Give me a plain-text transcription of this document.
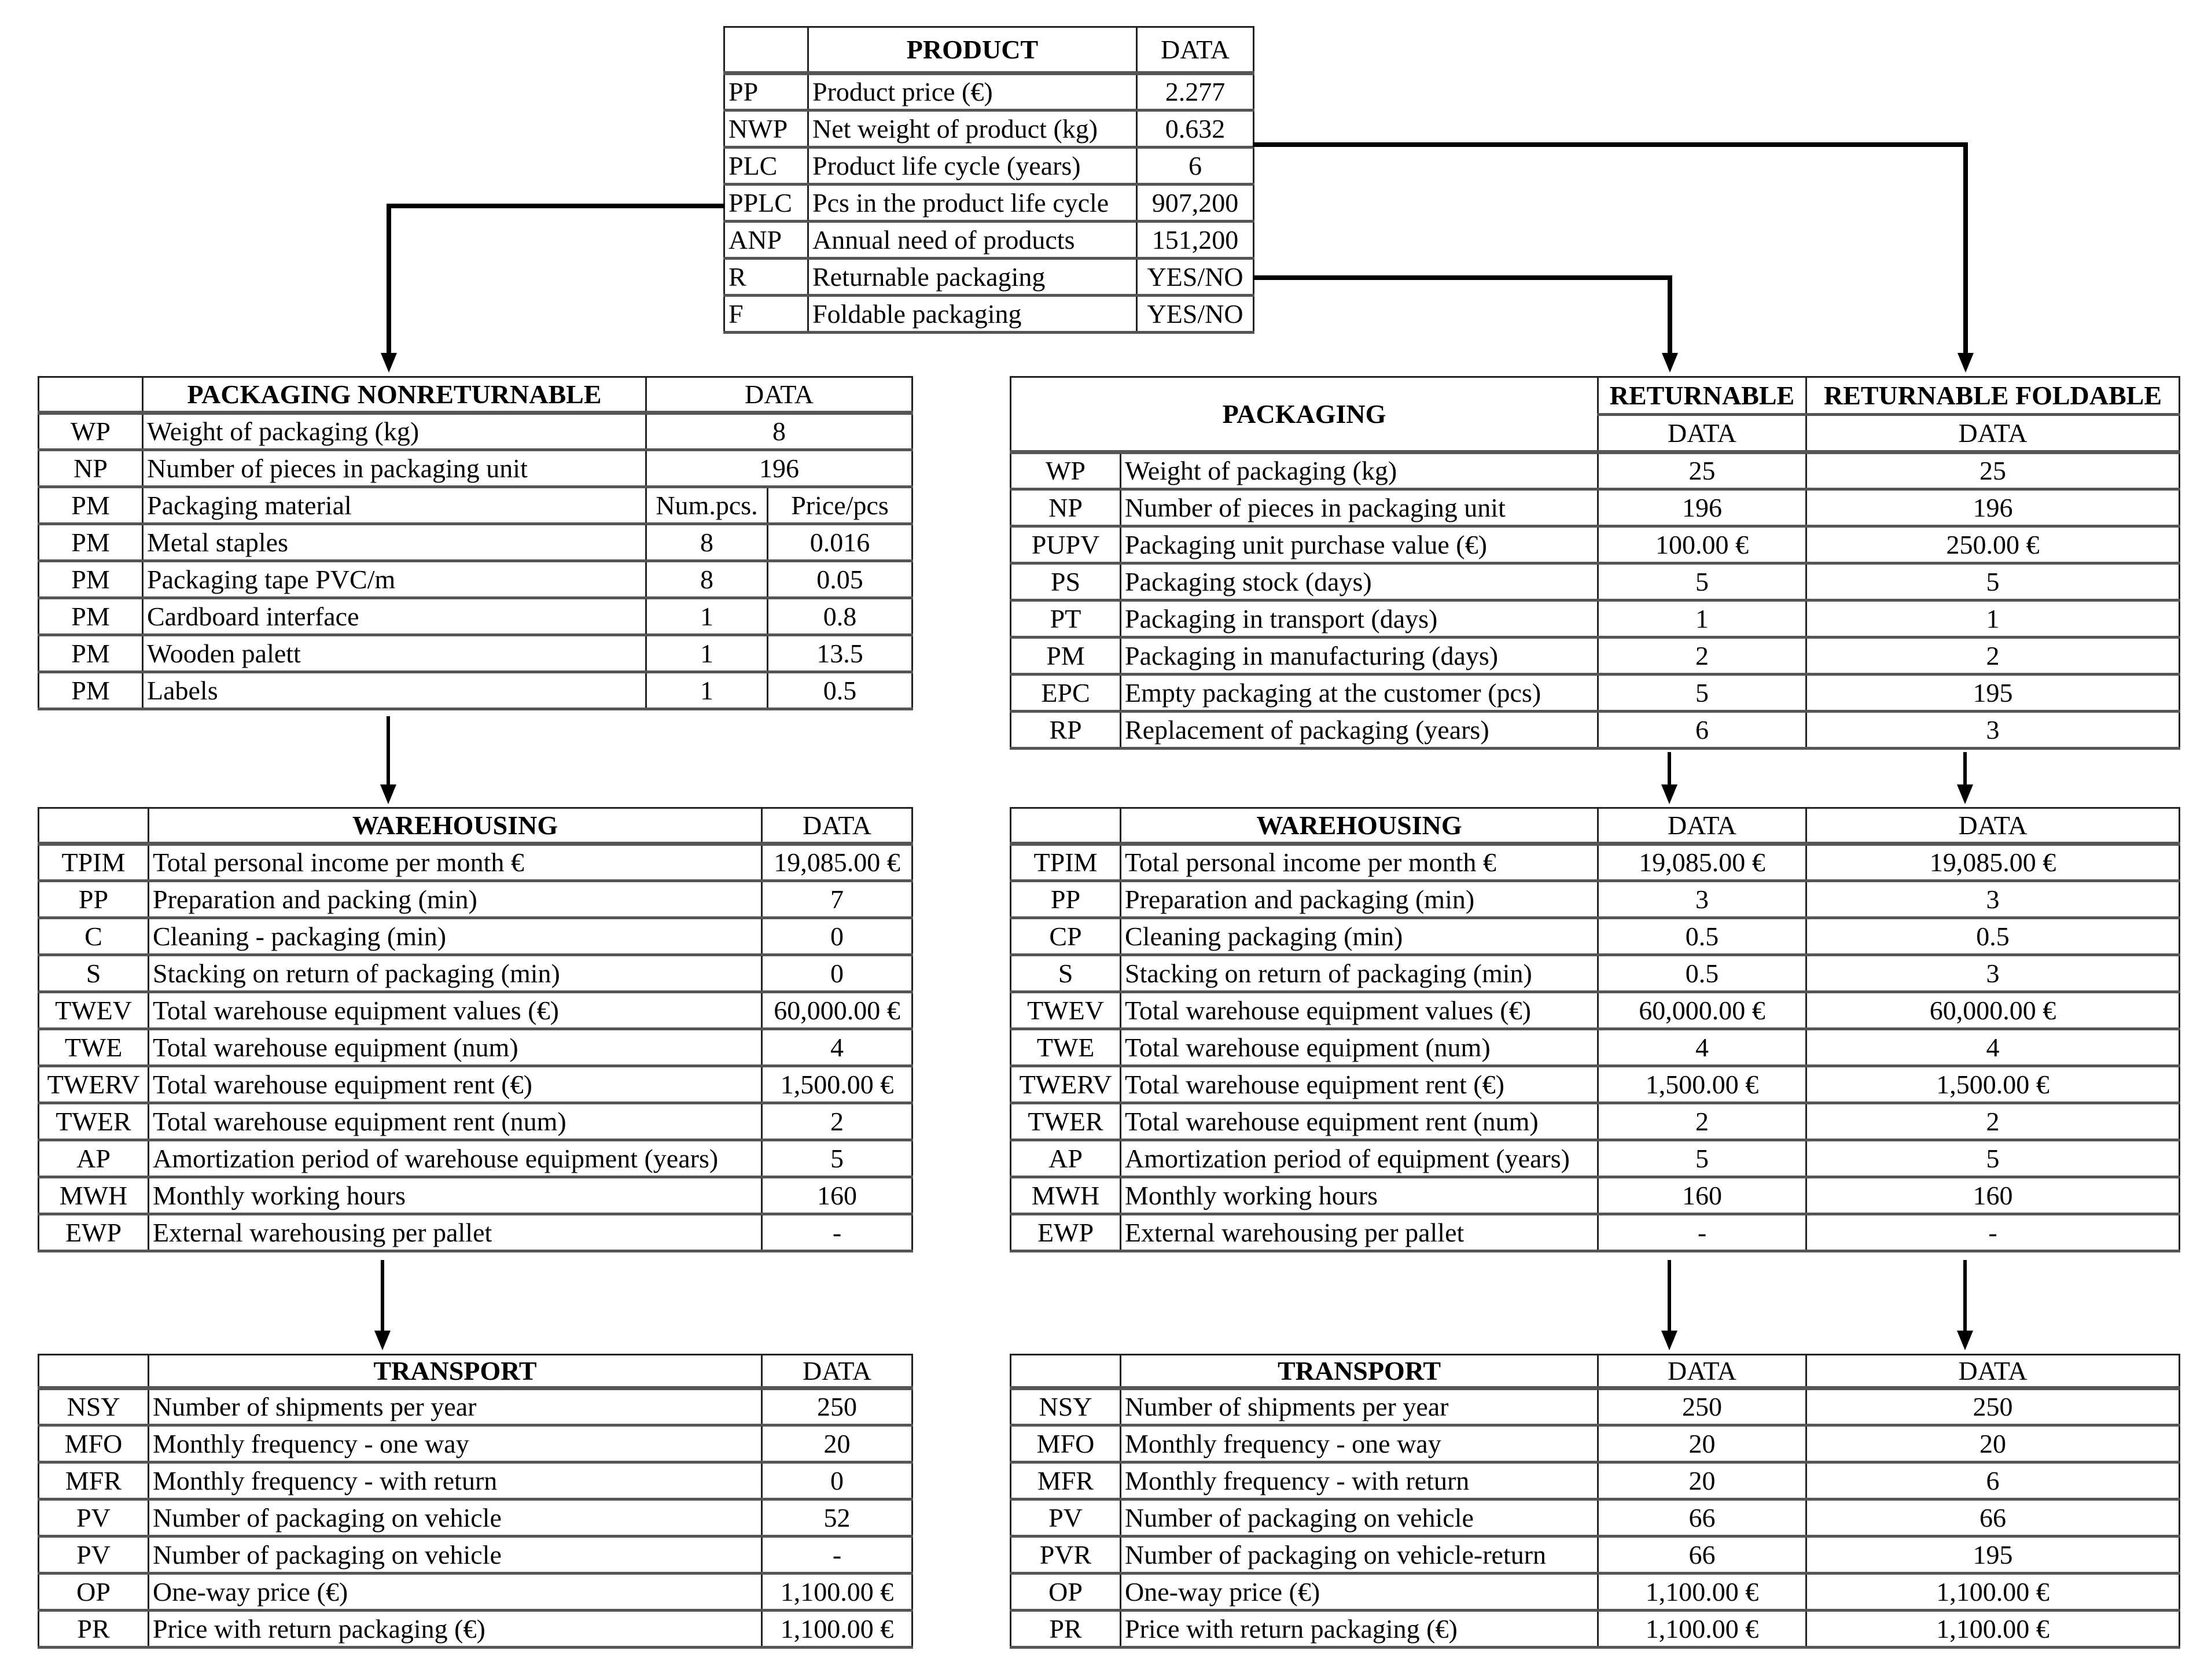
	PRODUCT	DATA
PP	Product price (€)	2.277
NWP	Net weight of product (kg)	0.632
PLC	Product life cycle (years)	6
PPLC	Pcs in the product life cycle	907,200
ANP	Annual need of products	151,200
R	Returnable packaging	YES/NO
F	Foldable packaging	YES/NO
	PACKAGING NONRETURNABLE	DATA	
WP	Weight of packaging (kg)	8	
NP	Number of pieces in packaging unit	196	
PM	Packaging material	Num.pcs.	Price/pcs
PM	Metal staples	8	0.016
PM	Packaging tape PVC/m	8	0.05
PM	Cardboard interface	1	0.8
PM	Wooden palett	1	13.5
PM	Labels	1	0.5
PACKAGING		RETURNABLE	RETURNABLE FOLDABLE
		DATA	DATA
WP	Weight of packaging (kg)	25	25
NP	Number of pieces in packaging unit	196	196
PUPV	Packaging unit purchase value (€)	100.00 €	250.00 €
PS	Packaging stock (days)	5	5
PT	Packaging in transport (days)	1	1
PM	Packaging in manufacturing (days)	2	2
EPC	Empty packaging at the customer (pcs)	5	195
RP	Replacement of packaging (years)	6	3
	WAREHOUSING	DATA
TPIM	Total personal income per month €	19,085.00 €
PP	Preparation and packing (min)	7
C	Cleaning - packaging (min)	0
S	Stacking on return of packaging (min)	0
TWEV	Total warehouse equipment values (€)	60,000.00 €
TWE	Total warehouse equipment (num)	4
TWERV	Total warehouse equipment rent (€)	1,500.00 €
TWER	Total warehouse equipment rent (num)	2
AP	Amortization period of warehouse equipment (years)	5
MWH	Monthly working hours	160
EWP	External warehousing per pallet	-
	WAREHOUSING	DATA	DATA
TPIM	Total personal income per month €	19,085.00 €	19,085.00 €
PP	Preparation and packaging (min)	3	3
CP	Cleaning packaging (min)	0.5	0.5
S	Stacking on return of packaging (min)	0.5	3
TWEV	Total warehouse equipment values (€)	60,000.00 €	60,000.00 €
TWE	Total warehouse equipment (num)	4	4
TWERV	Total warehouse equipment rent (€)	1,500.00 €	1,500.00 €
TWER	Total warehouse equipment rent (num)	2	2
AP	Amortization period of equipment (years)	5	5
MWH	Monthly working hours	160	160
EWP	External warehousing per pallet	-	-
	TRANSPORT	DATA
NSY	Number of shipments per year	250
MFO	Monthly frequency - one way	20
MFR	Monthly frequency - with return	0
PV	Number of packaging on vehicle	52
PV	Number of packaging on vehicle	-
OP	One-way price (€)	1,100.00 €
PR	Price with return packaging (€)	1,100.00 €
	TRANSPORT	DATA	DATA
NSY	Number of shipments per year	250	250
MFO	Monthly frequency - one way	20	20
MFR	Monthly frequency - with return	20	6
PV	Number of packaging on vehicle	66	66
PVR	Number of packaging on vehicle-return	66	195
OP	One-way price (€)	1,100.00 €	1,100.00 €
PR	Price with return packaging (€)	1,100.00 €	1,100.00 €
